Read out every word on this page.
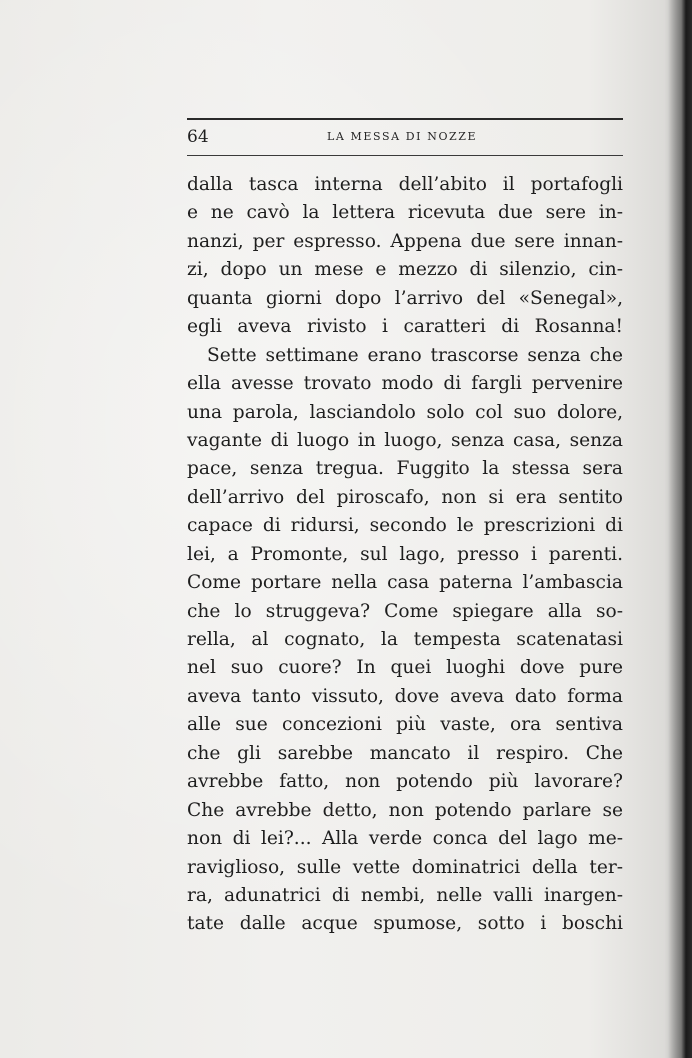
64	LA MESSA DI NOZZE
dalla tasca interna dell’abito il portafogli
e ne cavò la lettera ricevuta due sere in-
nanzi, per espresso. Appena due sere innan-
zi, dopo un mese e mezzo di silenzio, cin-
quanta giorni dopo l’arrivo del «Senegal»,
egli aveva rivisto i caratteri di Rosanna!
Sette settimane erano trascorse senza che
ella avesse trovato modo di fargli pervenire
una parola, lasciandolo solo col suo dolore,
vagante di luogo in luogo, senza casa, senza
pace, senza tregua. Fuggito la stessa sera
dell’arrivo del piroscafo, non si era sentito
capace di ridursi, secondo le prescrizioni di
lei, a Promonte, sul lago, presso i parenti.
Come portare nella casa paterna l’ambascia
che lo struggeva? Come spiegare alla so-
rella, al cognato, la tempesta scatenatasi
nel suo cuore? In quei luoghi dove pure
aveva tanto vissuto, dove aveva dato forma
alle sue concezioni più vaste, ora sentiva
che gli sarebbe mancato il respiro. Che
avrebbe fatto, non potendo più lavorare?
Che avrebbe detto, non potendo parlare se
non di lei?... Alla verde conca del lago me-
raviglioso, sulle vette dominatrici della ter-
ra, adunatrici di nembi, nelle valli inargen-
tate dalle acque spumose, sotto i boschi
